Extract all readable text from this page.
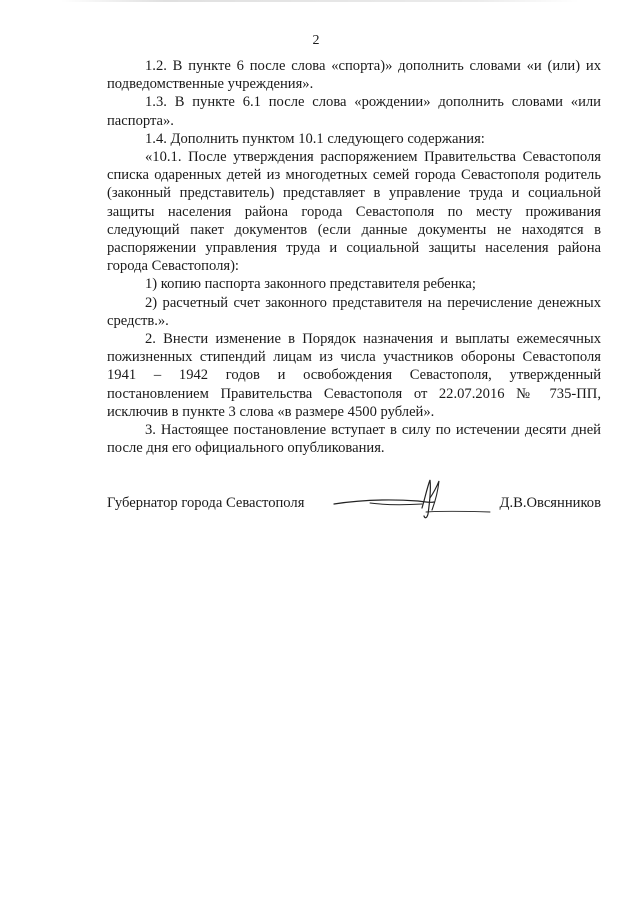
2

1.2. В пункте 6 после слова «спорта)» дополнить словами «и (или) их подведомственные учреждения».

1.3. В пункте 6.1 после слова «рождении» дополнить словами «или паспорта».

1.4. Дополнить пунктом 10.1 следующего содержания:

«10.1. После утверждения распоряжением Правительства Севастополя списка одаренных детей из многодетных семей города Севастополя родитель (законный представитель) представляет в управление труда и социальной защиты населения района города Севастополя по месту проживания следующий пакет документов (если данные документы не находятся в распоряжении управления труда и социальной защиты населения района города Севастополя):

1) копию паспорта законного представителя ребенка;

2) расчетный счет законного представителя на перечисление денежных средств.».

2. Внести изменение в Порядок назначения и выплаты ежемесячных пожизненных стипендий лицам из числа участников обороны Севастополя 1941 – 1942 годов и освобождения Севастополя, утвержденный постановлением Правительства Севастополя от 22.07.2016 № 735-ПП, исключив в пункте 3 слова «в размере 4500 рублей».

3. Настоящее постановление вступает в силу по истечении десяти дней после дня его официального опубликования.

Губернатор города Севастополя	Д.В.Овсянников
